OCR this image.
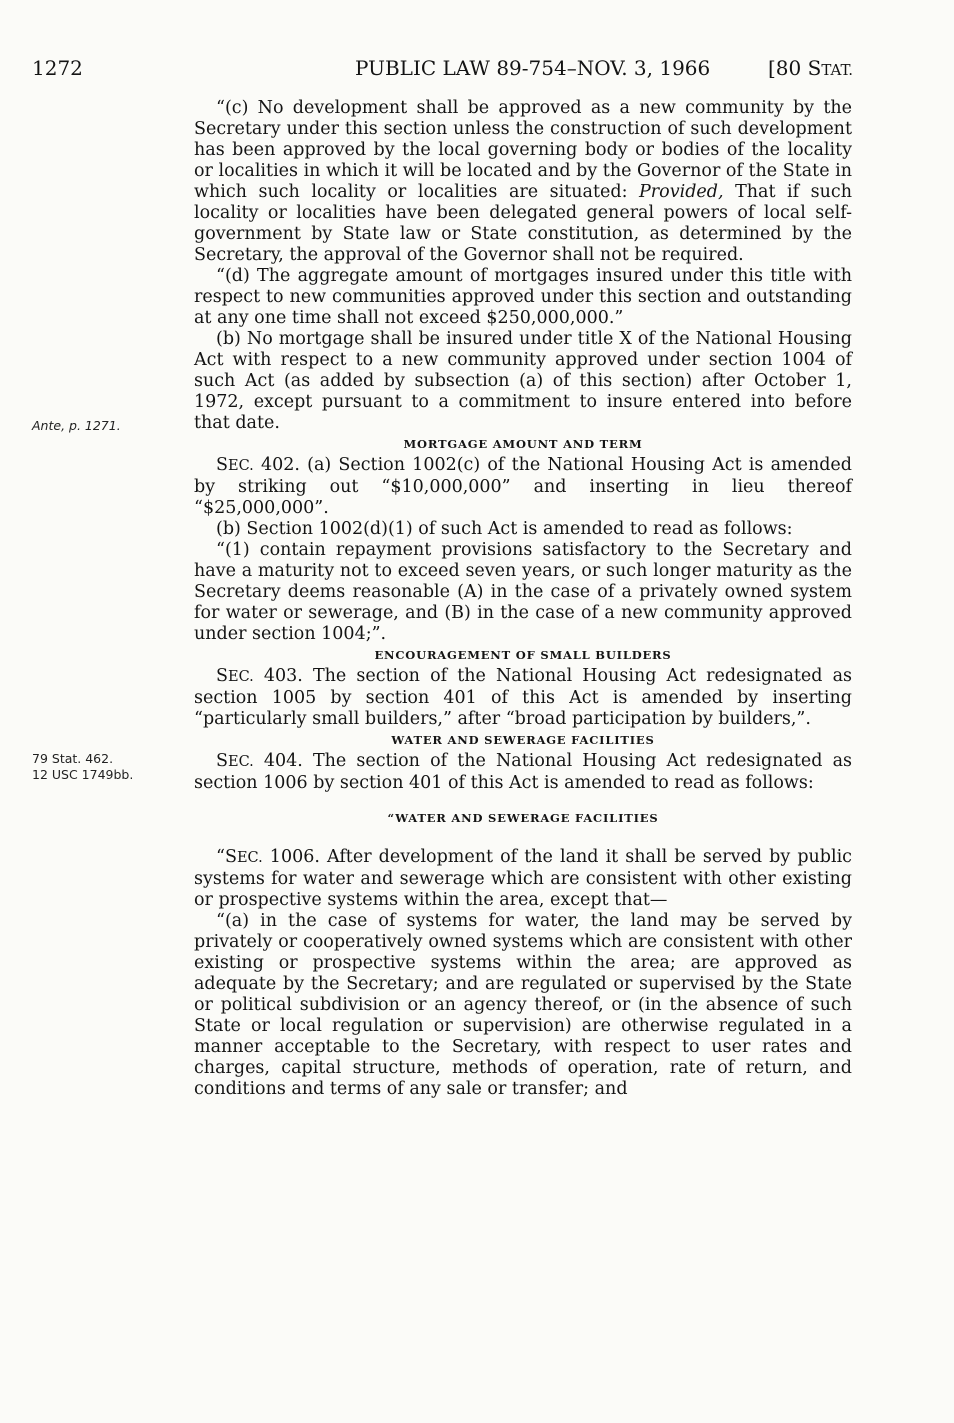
1272	PUBLIC LAW 89-754–NOV. 3, 1966	[80 STAT.
Ante, p. 1271.
79 Stat. 462.
12 USC 1749bb.

“(c) No development shall be approved as a new community by the Secretary under this section unless the construction of such development has been approved by the local governing body or bodies of the locality or localities in which it will be located and by the Governor of the State in which such locality or localities are situated: Provided, That if such locality or localities have been delegated general powers of local self-government by State law or State constitution, as determined by the Secretary, the approval of the Governor shall not be required.

“(d) The aggregate amount of mortgages insured under this title with respect to new communities approved under this section and outstanding at any one time shall not exceed $250,000,000.”

(b) No mortgage shall be insured under title X of the National Housing Act with respect to a new community approved under section 1004 of such Act (as added by subsection (a) of this section) after October 1, 1972, except pursuant to a commitment to insure entered into before that date.

MORTGAGE AMOUNT AND TERM

SEC. 402. (a) Section 1002(c) of the National Housing Act is amended by striking out “$10,000,000” and inserting in lieu thereof “$25,000,000”.

(b) Section 1002(d)(1) of such Act is amended to read as follows:

“(1) contain repayment provisions satisfactory to the Secretary and have a maturity not to exceed seven years, or such longer maturity as the Secretary deems reasonable (A) in the case of a privately owned system for water or sewerage, and (B) in the case of a new community approved under section 1004;”.

ENCOURAGEMENT OF SMALL BUILDERS

SEC. 403. The section of the National Housing Act redesignated as section 1005 by section 401 of this Act is amended by inserting “particularly small builders,” after “broad participation by builders,”.

WATER AND SEWERAGE FACILITIES

SEC. 404. The section of the National Housing Act redesignated as section 1006 by section 401 of this Act is amended to read as follows:

“WATER AND SEWERAGE FACILITIES

“SEC. 1006. After development of the land it shall be served by public systems for water and sewerage which are consistent with other existing or prospective systems within the area, except that—

“(a) in the case of systems for water, the land may be served by privately or cooperatively owned systems which are consistent with other existing or prospective systems within the area; are approved as adequate by the Secretary; and are regulated or supervised by the State or political subdivision or an agency thereof, or (in the absence of such State or local regulation or supervision) are otherwise regulated in a manner acceptable to the Secretary, with respect to user rates and charges, capital structure, methods of operation, rate of return, and conditions and terms of any sale or transfer; and
